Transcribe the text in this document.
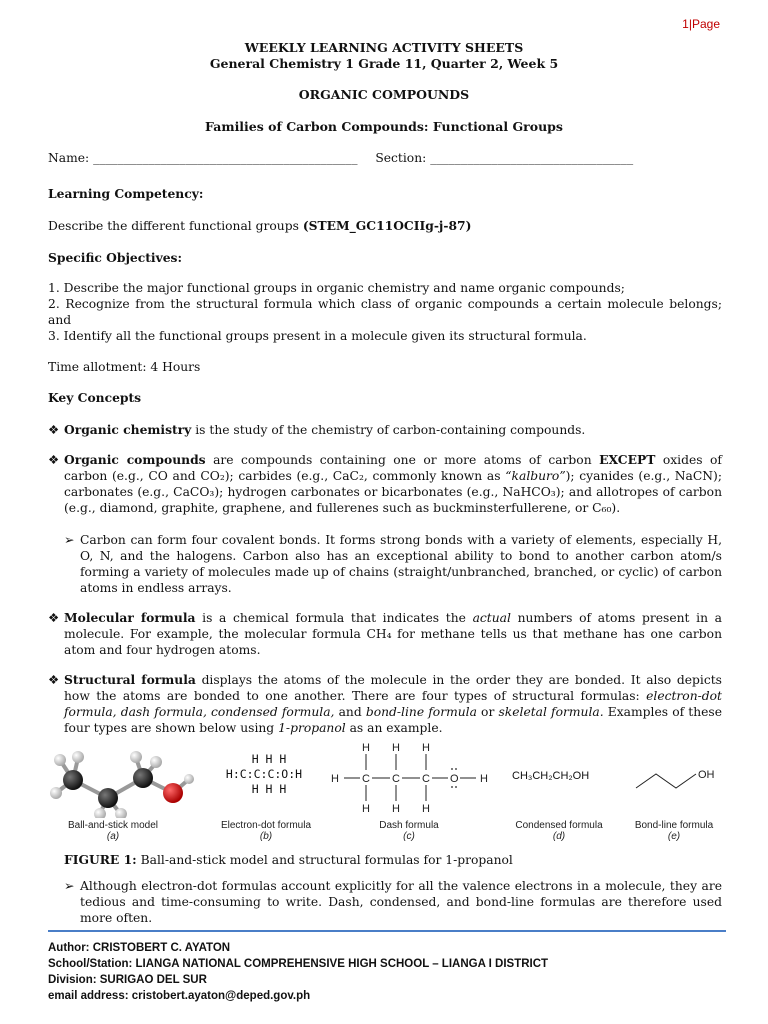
1|Page
WEEKLY LEARNING ACTIVITY SHEETS
General Chemistry 1 Grade 11, Quarter 2, Week 5
ORGANIC COMPOUNDS
Families of Carbon Compounds: Functional Groups
Name: ___________________________________________ Section: _________________________________
Learning Competency:
Describe the different functional groups (STEM_GC11OCIIg-j-87)
Specific Objectives:
1. Describe the major functional groups in organic chemistry and name organic compounds;
2. Recognize from the structural formula which class of organic compounds a certain molecule belongs; and
3. Identify all the functional groups present in a molecule given its structural formula.
Time allotment: 4 Hours
Key Concepts
❖ Organic chemistry is the study of the chemistry of carbon-containing compounds.
❖ Organic compounds are compounds containing one or more atoms of carbon EXCEPT oxides of carbon (e.g., CO and CO₂); carbides (e.g., CaC₂, commonly known as “kalburo”); cyanides (e.g., NaCN); carbonates (e.g., CaCO₃); hydrogen carbonates or bicarbonates (e.g., NaHCO₃); and allotropes of carbon (e.g., diamond, graphite, graphene, and fullerenes such as buckminsterfullerene, or C₆₀).
➢ Carbon can form four covalent bonds. It forms strong bonds with a variety of elements, especially H, O, N, and the halogens. Carbon also has an exceptional ability to bond to another carbon atom/s forming a variety of molecules made up of chains (straight/unbranched, branched, or cyclic) of carbon atoms in endless arrays.
❖ Molecular formula is a chemical formula that indicates the actual numbers of atoms present in a molecule. For example, the molecular formula CH₄ for methane tells us that methane has one carbon atom and four hydrogen atoms.
❖ Structural formula displays the atoms of the molecule in the order they are bonded. It also depicts how the atoms are bonded to one another. There are four types of structural formulas: electron-dot formula, dash formula, condensed formula, and bond-line formula or skeletal formula. Examples of these four types are shown below using 1-propanol as an example.
H H H
H:C:C:C:O:H
H H H
H C C C O H
H H H
H H H
CH₃CH₂CH₂OH	OH
Ball-and-stick model
(a)
Electron-dot formula
(b)
Dash formula
(c)
Condensed formula
(d)
Bond-line formula
(e)
FIGURE 1: Ball-and-stick model and structural formulas for 1-propanol
➢ Although electron-dot formulas account explicitly for all the valence electrons in a molecule, they are tedious and time-consuming to write. Dash, condensed, and bond-line formulas are therefore used more often.
Author: CRISTOBERT C. AYATON
School/Station: LIANGA NATIONAL COMPREHENSIVE HIGH SCHOOL – LIANGA I DISTRICT
Division: SURIGAO DEL SUR
email address: cristobert.ayaton@deped.gov.ph
